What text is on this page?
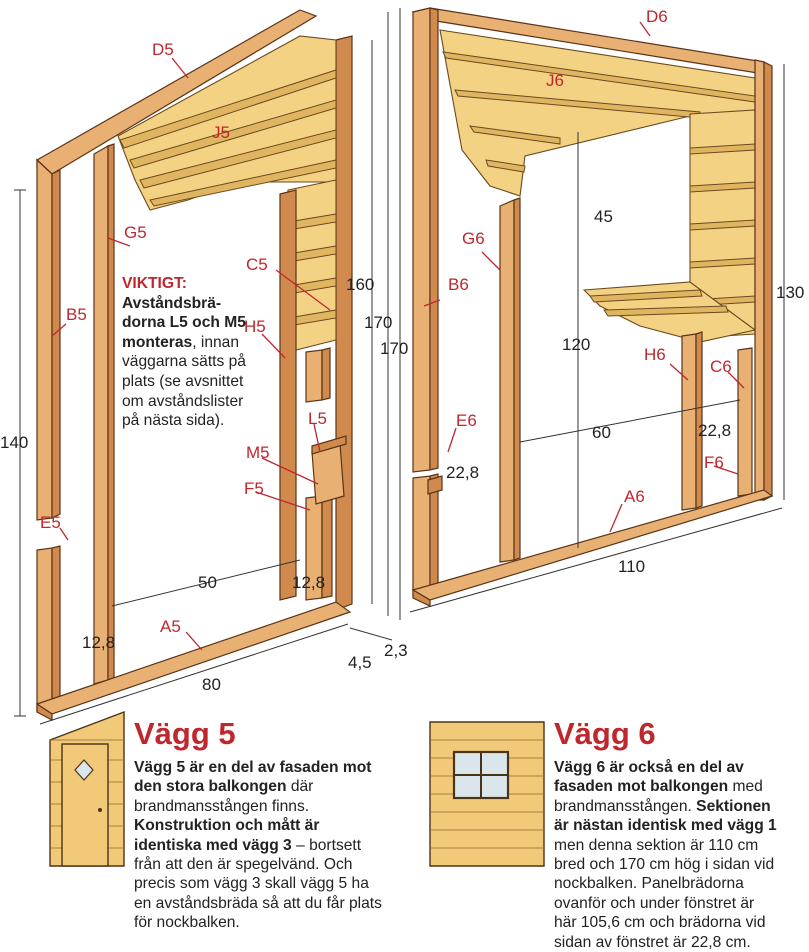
D5
J5
G5
C5
B5
H5
L5
M5
F5
E5
A5
D6
J6
G6
B6
H6
C6
E6
F6
A6
140
160
170
170
50
12,8
12,8
80
4,5
2,3
45
120
130
60	22,8
22,8
110
VIKTIGT:
Avståndsbrä-dorna L5 och M5 monteras, innan väggarna sätts på plats (se avsnittet om avståndslister på nästa sida).
Vägg 5
Vägg 5 är en del av fasaden mot den stora balkongen där brandmansstången finns. Konstruktion och mått är identiska med vägg 3 – bortsett från att den är spegelvänd. Och precis som vägg 3 skall vägg 5 ha en avståndsbräda så att du får plats för nockbalken.
Vägg 6
Vägg 6 är också en del av fasaden mot balkongen med brandmansstången. Sektionen är nästan identisk med vägg 1 men denna sektion är 110 cm bred och 170 cm hög i sidan vid nockbalken. Panelbrädorna ovanför och under fönstret är här 105,6 cm och brädorna vid sidan av fönstret är 22,8 cm.
